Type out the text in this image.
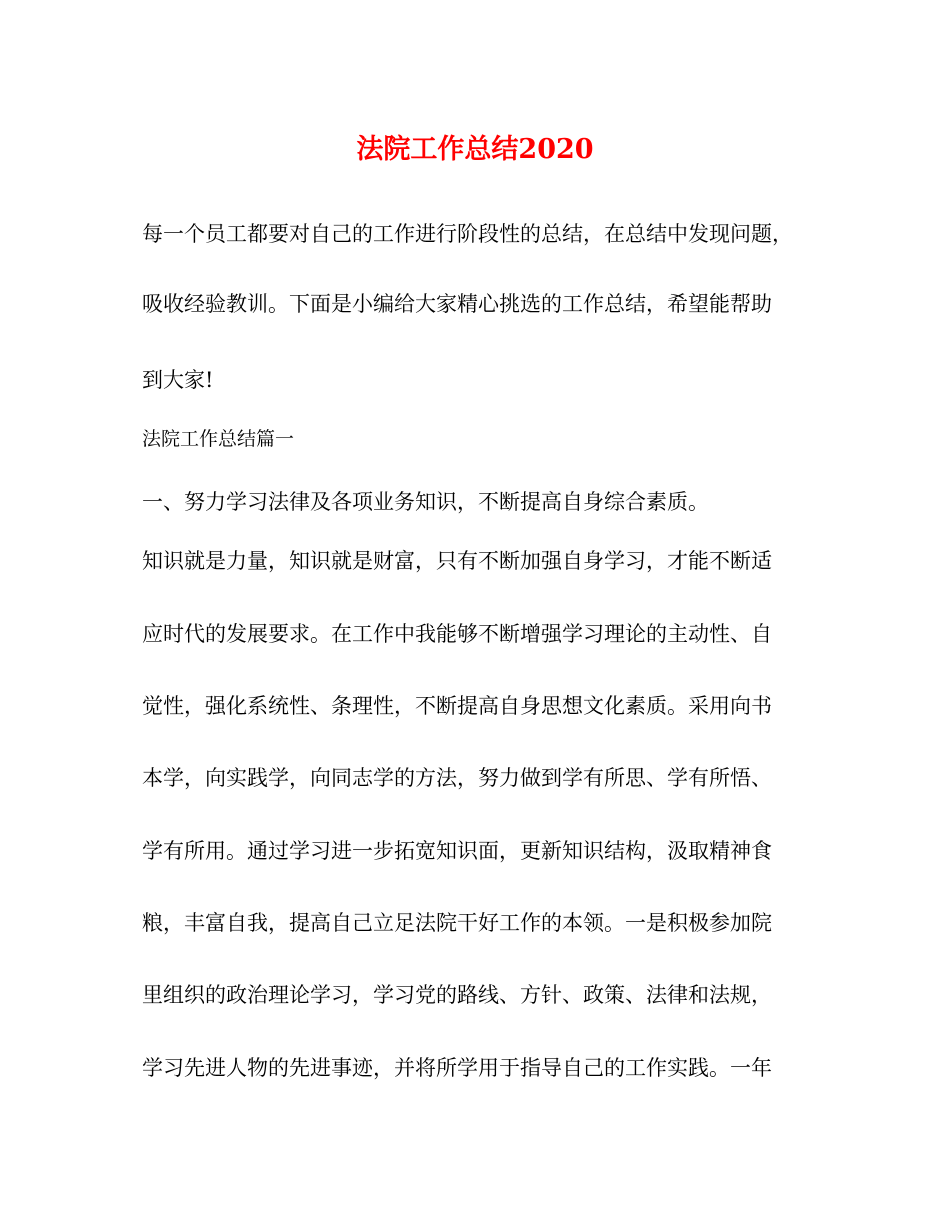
法院工作总结2020
每一个员工都要对自己的工作进行阶段性的总结，在总结中发现问题，
吸收经验教训。下面是小编给大家精心挑选的工作总结，希望能帮助
到大家!
法院工作总结篇一
一、努力学习法律及各项业务知识，不断提高自身综合素质。
知识就是力量，知识就是财富，只有不断加强自身学习，才能不断适
应时代的发展要求。在工作中我能够不断增强学习理论的主动性、自
觉性，强化系统性、条理性，不断提高自身思想文化素质。采用向书
本学，向实践学，向同志学的方法，努力做到学有所思、学有所悟、
学有所用。通过学习进一步拓宽知识面，更新知识结构，汲取精神食
粮，丰富自我，提高自己立足法院干好工作的本领。一是积极参加院
里组织的政治理论学习，学习党的路线、方针、政策、法律和法规，
学习先进人物的先进事迹，并将所学用于指导自己的工作实践。一年
